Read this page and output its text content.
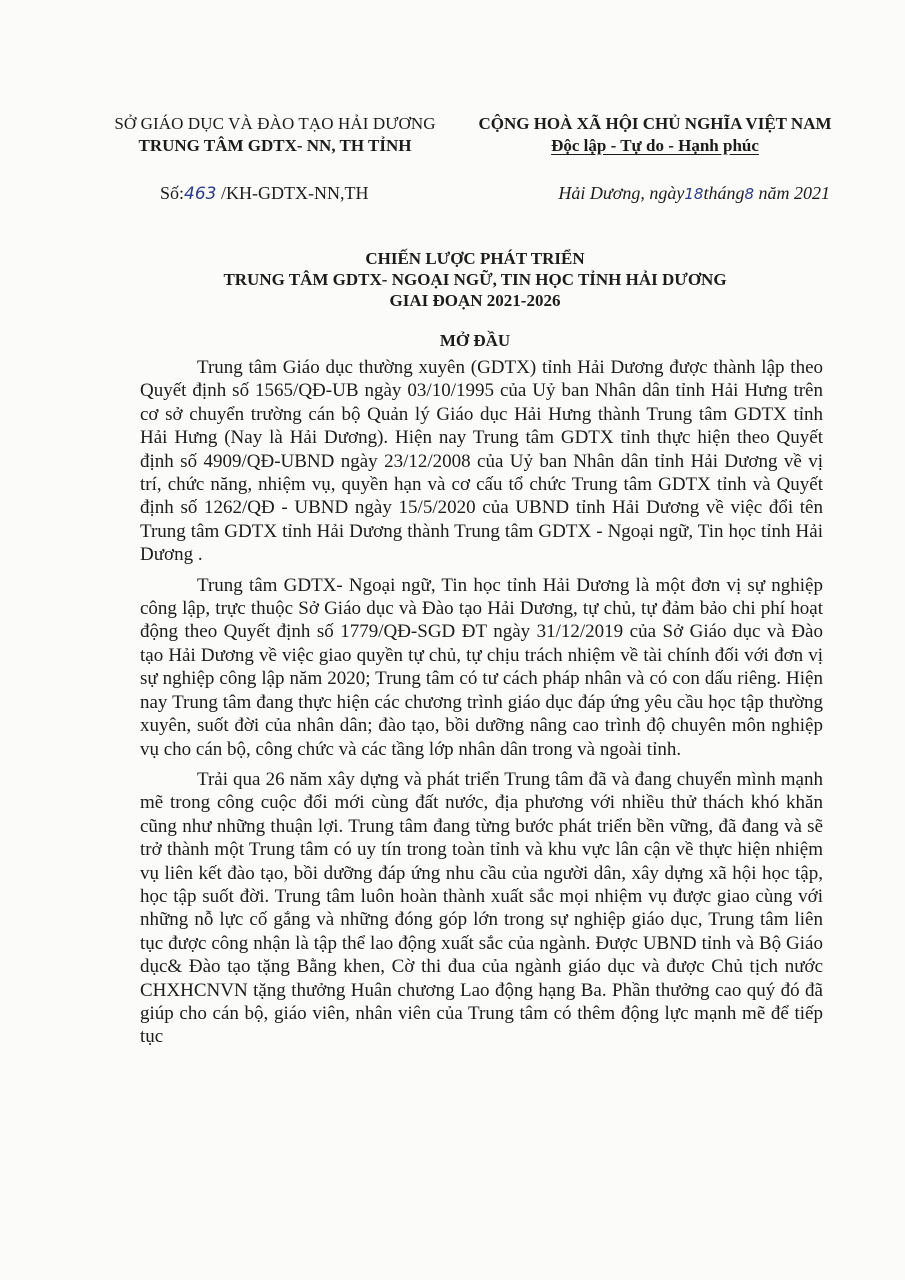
SỞ GIÁO DỤC VÀ ĐÀO TẠO HẢI DƯƠNG
TRUNG TÂM GDTX- NN, TH TỈNH
CỘNG HOÀ XÃ HỘI CHỦ NGHĨA VIỆT NAM
Độc lập - Tự do - Hạnh phúc
Số:463 /KH-GDTX-NN,TH	Hải Dương, ngày18tháng8 năm 2021
CHIẾN LƯỢC PHÁT TRIỂN
TRUNG TÂM GDTX- NGOẠI NGỮ, TIN HỌC TỈNH HẢI DƯƠNG
GIAI ĐOẠN 2021-2026
MỞ ĐẦU

Trung tâm Giáo dục thường xuyên (GDTX) tỉnh Hải Dương được thành lập theo Quyết định số 1565/QĐ-UB ngày 03/10/1995 của Uỷ ban Nhân dân tỉnh Hải Hưng trên cơ sở chuyển trường cán bộ Quản lý Giáo dục Hải Hưng thành Trung tâm GDTX tỉnh Hải Hưng (Nay là Hải Dương). Hiện nay Trung tâm GDTX tỉnh thực hiện theo Quyết định số 4909/QĐ-UBND ngày 23/12/2008 của Uỷ ban Nhân dân tỉnh Hải Dương về vị trí, chức năng, nhiệm vụ, quyền hạn và cơ cấu tổ chức Trung tâm GDTX tỉnh và Quyết định số 1262/QĐ - UBND ngày 15/5/2020 của UBND tỉnh Hải Dương về việc đổi tên Trung tâm GDTX tỉnh Hải Dương thành Trung tâm GDTX - Ngoại ngữ, Tin học tỉnh Hải Dương .

Trung tâm GDTX- Ngoại ngữ, Tin học tỉnh Hải Dương là một đơn vị sự nghiệp công lập, trực thuộc Sở Giáo dục và Đào tạo Hải Dương, tự chủ, tự đảm bảo chi phí hoạt động theo Quyết định số 1779/QĐ-SGD ĐT ngày 31/12/2019 của Sở Giáo dục và Đào tạo Hải Dương về việc giao quyền tự chủ, tự chịu trách nhiệm về tài chính đối với đơn vị sự nghiệp công lập năm 2020; Trung tâm có tư cách pháp nhân và có con dấu riêng. Hiện nay Trung tâm đang thực hiện các chương trình giáo dục đáp ứng yêu cầu học tập thường xuyên, suốt đời của nhân dân; đào tạo, bồi dưỡng nâng cao trình độ chuyên môn nghiệp vụ cho cán bộ, công chức và các tầng lớp nhân dân trong và ngoài tỉnh.

Trải qua 26 năm xây dựng và phát triển Trung tâm đã và đang chuyển mình mạnh mẽ trong công cuộc đổi mới cùng đất nước, địa phương với nhiều thử thách khó khăn cũng như những thuận lợi. Trung tâm đang từng bước phát triển bền vững, đã đang và sẽ trở thành một Trung tâm có uy tín trong toàn tỉnh và khu vực lân cận về thực hiện nhiệm vụ liên kết đào tạo, bồi dưỡng đáp ứng nhu cầu của người dân, xây dựng xã hội học tập, học tập suốt đời. Trung tâm luôn hoàn thành xuất sắc mọi nhiệm vụ được giao cùng với những nỗ lực cố gắng và những đóng góp lớn trong sự nghiệp giáo dục, Trung tâm liên tục được công nhận là tập thể lao động xuất sắc của ngành. Được UBND tỉnh và Bộ Giáo dục& Đào tạo tặng Bằng khen, Cờ thi đua của ngành giáo dục và được Chủ tịch nước CHXHCNVN tặng thưởng Huân chương Lao động hạng Ba. Phần thưởng cao quý đó đã giúp cho cán bộ, giáo viên, nhân viên của Trung tâm có thêm động lực mạnh mẽ để tiếp tục
